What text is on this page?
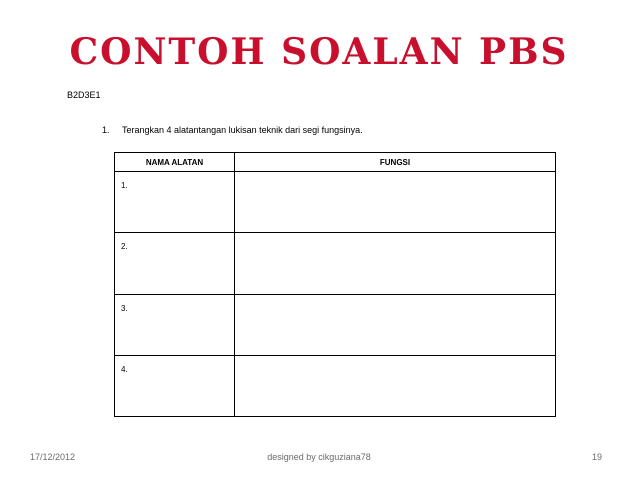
CONTOH SOALAN PBS
B2D3E1
1. Terangkan 4 alatantangan lukisan teknik dari segi fungsinya.
NAMA ALATAN	FUNGSI
1.	
2.	
3.	
4.	
17/12/2012	designed by cikguziana78	19
